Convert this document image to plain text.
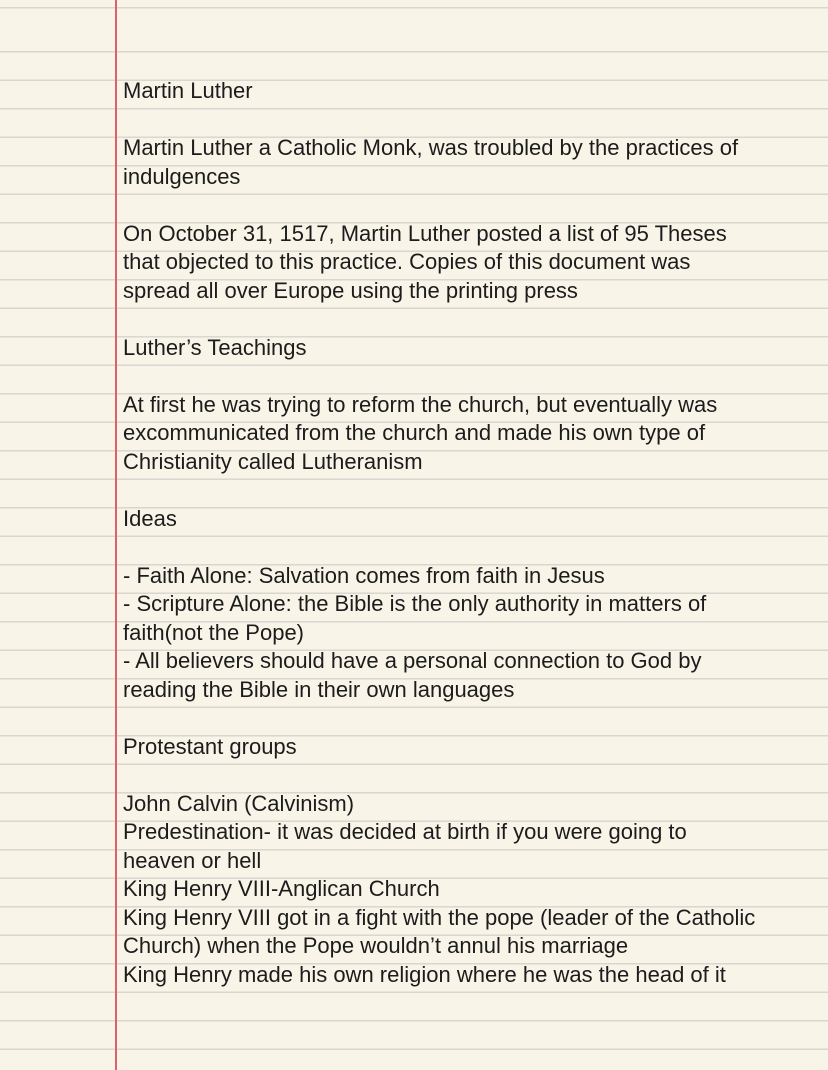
Martin Luther
Martin Luther a Catholic Monk, was troubled by the practices of
indulgences
On October 31, 1517, Martin Luther posted a list of 95 Theses
that objected to this practice. Copies of this document was
spread all over Europe using the printing press
Luther’s Teachings
At first he was trying to reform the church, but eventually was
excommunicated from the church and made his own type of
Christianity called Lutheranism
Ideas
- Faith Alone: Salvation comes from faith in Jesus
- Scripture Alone: the Bible is the only authority in matters of
faith(not the Pope)
- All believers should have a personal connection to God by
reading the Bible in their own languages
Protestant groups
John Calvin (Calvinism)
Predestination- it was decided at birth if you were going to
heaven or hell
King Henry VIII-Anglican Church
King Henry VIII got in a fight with the pope (leader of the Catholic
Church) when the Pope wouldn’t annul his marriage
King Henry made his own religion where he was the head of it
